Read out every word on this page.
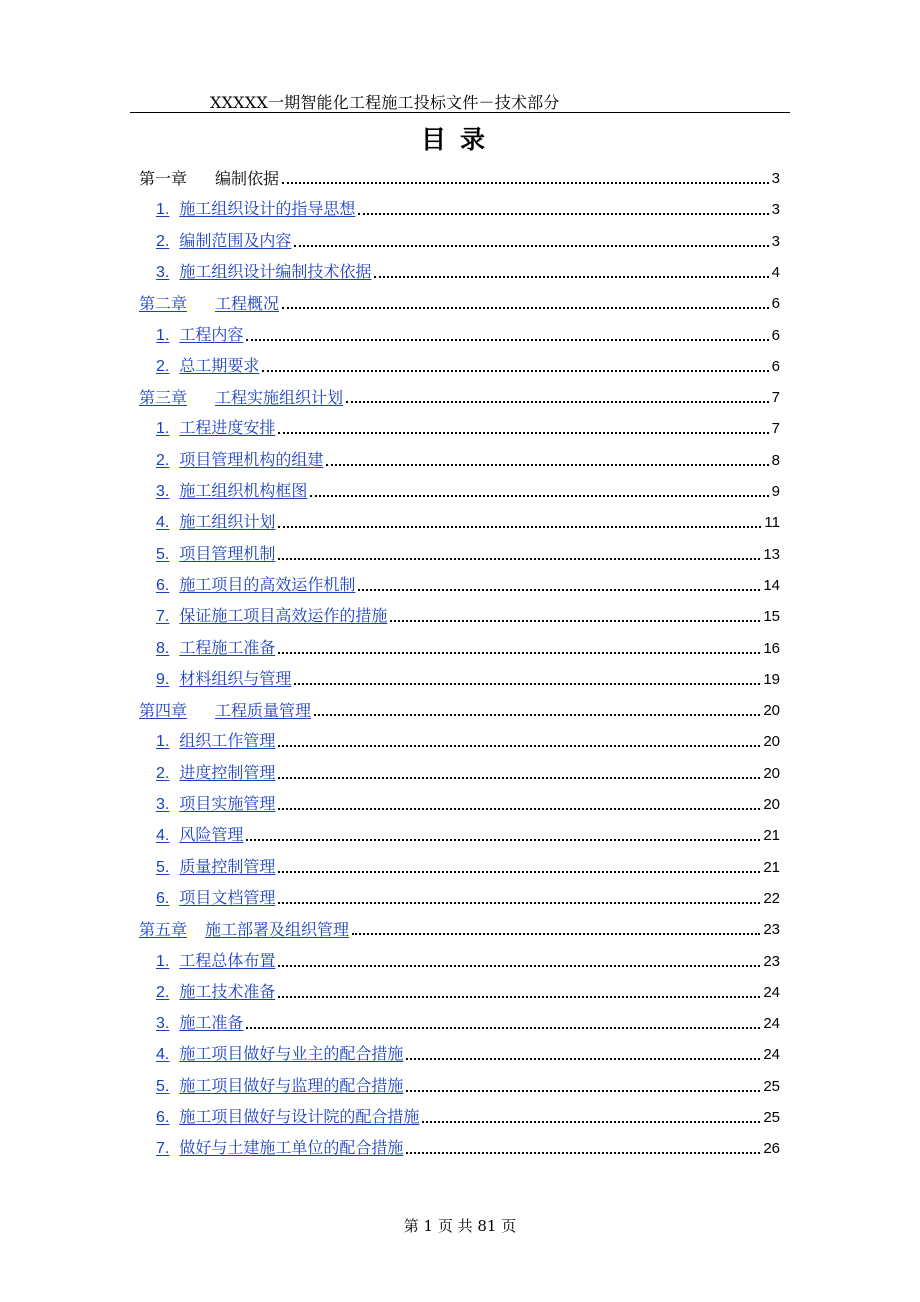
XXXXX一期智能化工程施工投标文件－技术部分
目录
第一章 编制依据	3
1. 施工组织设计的指导思想	3
2. 编制范围及内容	3
3. 施工组织设计编制技术依据	4
第二章 工程概况	6
1. 工程内容	6
2. 总工期要求	6
第三章 工程实施组织计划	7
1. 工程进度安排	7
2. 项目管理机构的组建	8
3. 施工组织机构框图	9
4. 施工组织计划	11
5. 项目管理机制	13
6. 施工项目的高效运作机制	14
7. 保证施工项目高效运作的措施	15
8. 工程施工准备	16
9. 材料组织与管理	19
第四章 工程质量管理	20
1. 组织工作管理	20
2. 进度控制管理	20
3. 项目实施管理	20
4. 风险管理	21
5. 质量控制管理	21
6. 项目文档管理	22
第五章 施工部署及组织管理	23
1. 工程总体布置	23
2. 施工技术准备	24
3. 施工准备	24
4. 施工项目做好与业主的配合措施	24
5. 施工项目做好与监理的配合措施	25
6. 施工项目做好与设计院的配合措施	25
7. 做好与土建施工单位的配合措施	26
第 1 页 共 81 页
